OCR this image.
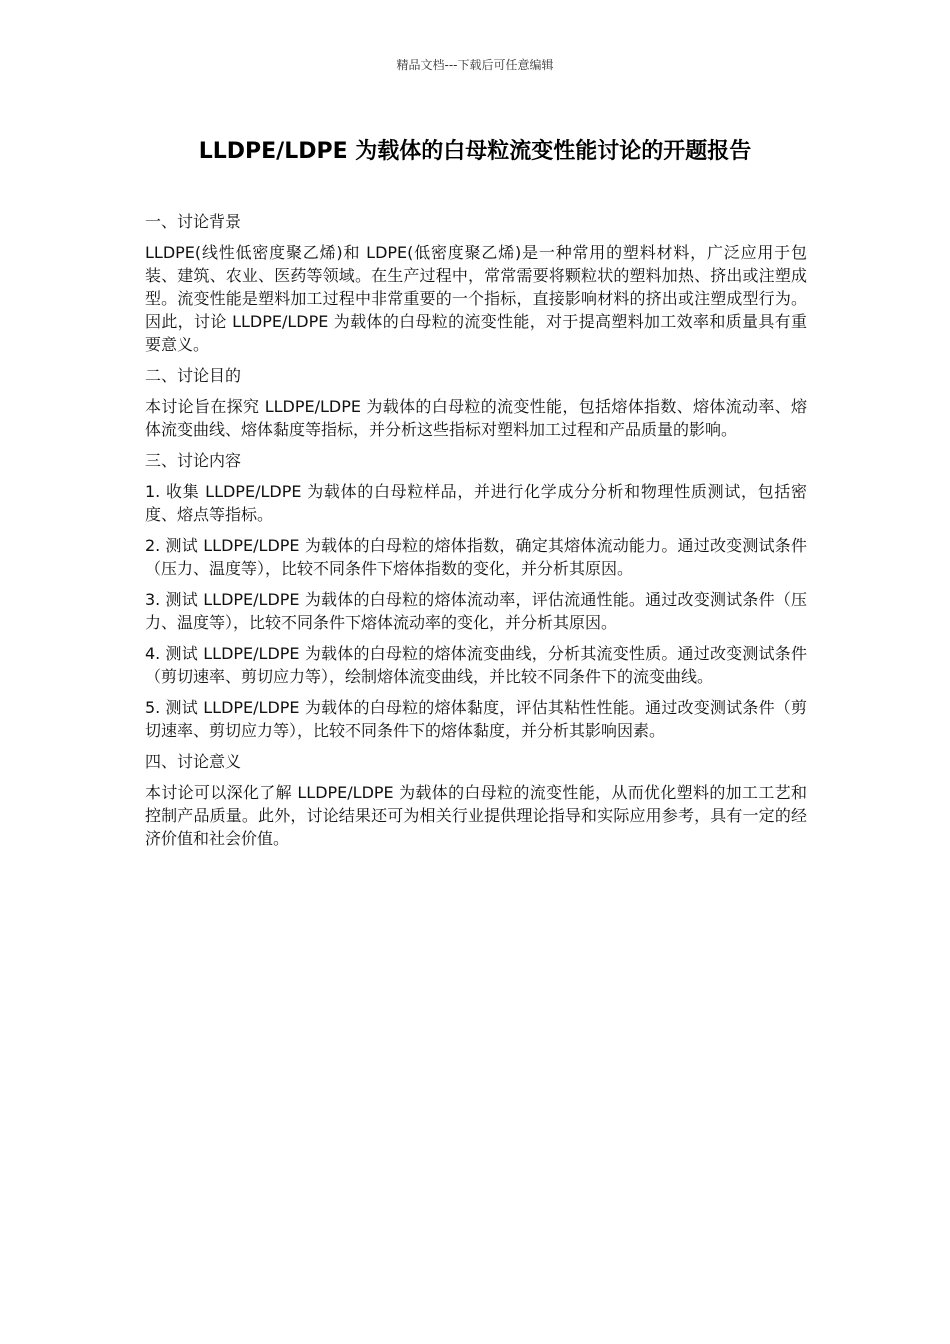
精品文档---下载后可任意编辑
LLDPE/LDPE 为载体的白母粒流变性能讨论的开题报告

一、讨论背景

LLDPE(线性低密度聚乙烯)和 LDPE(低密度聚乙烯)是一种常用的塑料材料，广泛应用于包装、建筑、农业、医药等领域。在生产过程中，常常需要将颗粒状的塑料加热、挤出或注塑成型。流变性能是塑料加工过程中非常重要的一个指标，直接影响材料的挤出或注塑成型行为。因此，讨论 LLDPE/LDPE 为载体的白母粒的流变性能，对于提高塑料加工效率和质量具有重要意义。

二、讨论目的

本讨论旨在探究 LLDPE/LDPE 为载体的白母粒的流变性能，包括熔体指数、熔体流动率、熔体流变曲线、熔体黏度等指标，并分析这些指标对塑料加工过程和产品质量的影响。

三、讨论内容

1. 收集 LLDPE/LDPE 为载体的白母粒样品，并进行化学成分分析和物理性质测试，包括密度、熔点等指标。

2. 测试 LLDPE/LDPE 为载体的白母粒的熔体指数，确定其熔体流动能力。通过改变测试条件（压力、温度等），比较不同条件下熔体指数的变化，并分析其原因。

3. 测试 LLDPE/LDPE 为载体的白母粒的熔体流动率，评估流通性能。通过改变测试条件（压力、温度等），比较不同条件下熔体流动率的变化，并分析其原因。

4. 测试 LLDPE/LDPE 为载体的白母粒的熔体流变曲线，分析其流变性质。通过改变测试条件（剪切速率、剪切应力等），绘制熔体流变曲线，并比较不同条件下的流变曲线。

5. 测试 LLDPE/LDPE 为载体的白母粒的熔体黏度，评估其粘性性能。通过改变测试条件（剪切速率、剪切应力等），比较不同条件下的熔体黏度，并分析其影响因素。

四、讨论意义

本讨论可以深化了解 LLDPE/LDPE 为载体的白母粒的流变性能，从而优化塑料的加工工艺和控制产品质量。此外，讨论结果还可为相关行业提供理论指导和实际应用参考，具有一定的经济价值和社会价值。
